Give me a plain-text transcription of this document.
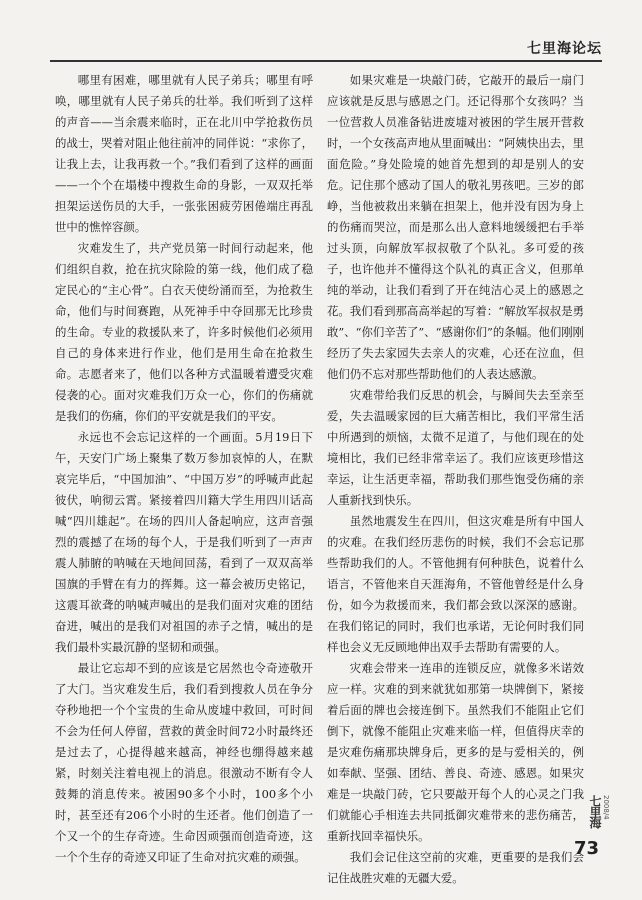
七里海论坛

哪里有困难，哪里就有人民子弟兵；哪里有呼唤，哪里就有人民子弟兵的壮举。我们听到了这样的声音——当余震来临时，正在北川中学抢救伤员的战士，哭着对阻止他往前冲的同伴说：“求你了，让我上去，让我再救一个。”我们看到了这样的画面——一个个在塌楼中搜救生命的身影，一双双托举担架运送伤员的大手，一张张困疲劳困倦端庄再乱世中的憔悴容颜。

灾难发生了，共产党员第一时间行动起来，他们组织自救，抢在抗灾除险的第一线，他们成了稳定民心的“主心骨”。白衣天使纷涌而至，为抢救生命，他们与时间赛跑，从死神手中夺回那无比珍贵的生命。专业的救援队来了，许多时候他们必须用自己的身体来进行作业，他们是用生命在抢救生命。志愿者来了，他们以各种方式温暖着遭受灾难侵袭的心。面对灾难我们万众一心，你们的伤痛就是我们的伤痛，你们的平安就是我们的平安。

永远也不会忘记这样的一个画面。5月19日下午，天安门广场上聚集了数万参加哀悼的人，在默哀完毕后，“中国加油”、“中国万岁”的呼喊声此起彼伏，响彻云霄。紧接着四川籍大学生用四川话高喊“四川雄起”。在场的四川人备起响应，这声音强烈的震撼了在场的每个人，于是我们听到了一声声震人肺腑的呐喊在天地间回荡，看到了一双双高举国旗的手臂在有力的挥舞。这一幕会被历史铭记，这震耳欲聋的呐喊声喊出的是我们面对灾难的团结奋进，喊出的是我们对祖国的赤子之情，喊出的是我们最朴实最沉静的坚韧和顽强。

最让它忘却不到的应该是它居然也令奇迹敬开了大门。当灾难发生后，我们看到搜救人员在争分夺秒地把一个个宝贵的生命从废墟中救回，可时间不会为任何人停留，营救的黄金时间72小时最终还是过去了，心提得越来越高，神经也绷得越来越紧，时刻关注着电视上的消息。很激动不断有令人鼓舞的消息传来。被困90多个小时，100多个小时，甚至还有206个小时的生还者。他们创造了一个又一个的生存奇迹。生命因顽强而创造奇迹，这一个个生存的奇迹又印证了生命对抗灾难的顽强。

如果灾难是一块敲门砖，它敲开的最后一扇门应该就是反思与感恩之门。还记得那个女孩吗？当一位营救人员准备钻进废墟对被困的学生展开营救时，一个女孩高声地从里面喊出：“阿姨快出去，里面危险。”身处险境的她首先想到的却是别人的安危。记住那个感动了国人的敬礼男孩吧。三岁的郎峥，当他被救出来躺在担架上，他并没有因为身上的伤痛而哭泣，而是那么出人意料地缓缓把右手举过头顶，向解放军叔叔敬了个队礼。多可爱的孩子，也许他并不懂得这个队礼的真正含义，但那单纯的举动，让我们看到了开在纯洁心灵上的感恩之花。我们看到那高高举起的写着：“解放军叔叔是勇敢”、“你们辛苦了”、“感谢你们”的条幅。他们刚刚经历了失去家园失去亲人的灾难，心还在泣血，但他们仍不忘对那些帮助他们的人表达感激。

灾难带给我们反思的机会，与瞬间失去至亲至爱，失去温暖家园的巨大痛苦相比，我们平常生活中所遇到的烦恼，太微不足道了，与他们现在的处境相比，我们已经非常幸运了。我们应该更珍惜这幸运，让生活更幸福，帮助我们那些饱受伤痛的亲人重新找到快乐。

虽然地震发生在四川，但这灾难是所有中国人的灾难。在我们经历悲伤的时候，我们不会忘记那些帮助我们的人。不管他拥有何种肤色，说着什么语言，不管他来自天涯海角，不管他曾经是什么身份，如今为救援而来，我们都会致以深深的感谢。在我们铭记的同时，我们也承诺，无论何时我们同样也会义无反顾地伸出双手去帮助有需要的人。

灾难会带来一连串的连锁反应，就像多米诺效应一样。灾难的到来就犹如那第一块牌倒下，紧接着后面的牌也会接连倒下。虽然我们不能阻止它们倒下，就像不能阻止灾难来临一样，但值得庆幸的是灾难伤痛那块牌身后，更多的是与爱相关的，例如奉献、坚强、团结、善良、奇迹、感恩。如果灾难是一块敲门砖，它只要敲开每个人的心灵之门我们就能心手相连去共同抵御灾难带来的悲伤痛苦，重新找回幸福快乐。

我们会记住这空前的灾难，更重要的是我们会记住战胜灾难的无疆大爱。

七里海 2008/4
73
